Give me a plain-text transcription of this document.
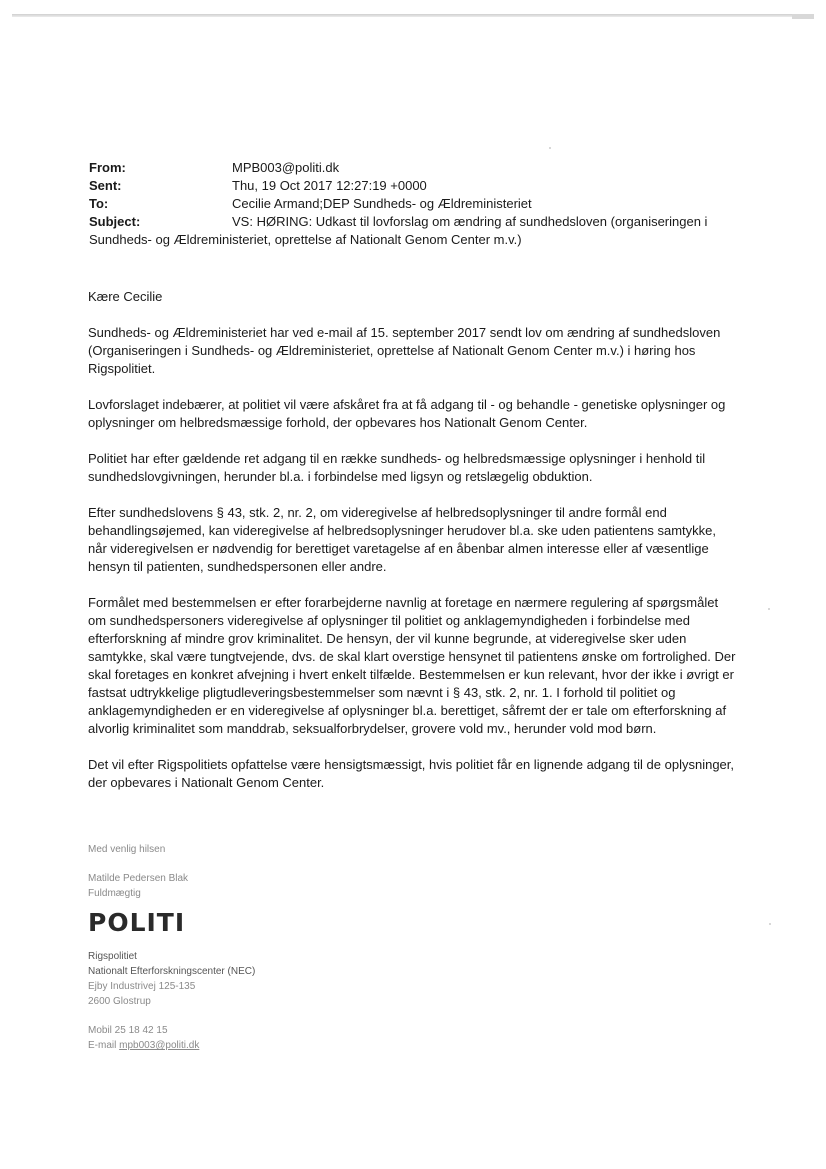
From:	MPB003@politi.dk
Sent:	Thu, 19 Oct 2017 12:27:19 +0000
To:	Cecilie Armand;DEP Sundheds- og Ældreministeriet
Subject:	VS: HØRING: Udkast til lovforslag om ændring af sundhedsloven (organiseringen i
Sundheds- og Ældreministeriet, oprettelse af Nationalt Genom Center m.v.)

Kære Cecilie

Sundheds- og Ældreministeriet har ved e-mail af 15. september 2017 sendt lov om ændring af sundhedsloven (Organiseringen i Sundheds- og Ældreministeriet, oprettelse af Nationalt Genom Center m.v.) i høring hos Rigspolitiet.

Lovforslaget indebærer, at politiet vil være afskåret fra at få adgang til - og behandle - genetiske oplysninger og oplysninger om helbredsmæssige forhold, der opbevares hos Nationalt Genom Center.

Politiet har efter gældende ret adgang til en række sundheds- og helbredsmæssige oplysninger i henhold til sundhedslovgivningen, herunder bl.a. i forbindelse med ligsyn og retslægelig obduktion.

Efter sundhedslovens § 43, stk. 2, nr. 2, om videregivelse af helbredsoplysninger til andre formål end behandlingsøjemed, kan videregivelse af helbredsoplysninger herudover bl.a. ske uden patientens samtykke, når videregivelsen er nødvendig for berettiget varetagelse af en åbenbar almen interesse eller af væsentlige hensyn til patienten, sundhedspersonen eller andre.

Formålet med bestemmelsen er efter forarbejderne navnlig at foretage en nærmere regulering af spørgsmålet om sundhedspersoners videregivelse af oplysninger til politiet og anklagemyndigheden i forbindelse med efterforskning af mindre grov kriminalitet. De hensyn, der vil kunne begrunde, at videregivelse sker uden samtykke, skal være tungtvejende, dvs. de skal klart overstige hensynet til patientens ønske om fortrolighed. Der skal foretages en konkret afvejning i hvert enkelt tilfælde. Bestemmelsen er kun relevant, hvor der ikke i øvrigt er fastsat udtrykkelige pligtudleveringsbestemmelser som nævnt i § 43, stk. 2, nr. 1. I forhold til politiet og anklagemyndigheden er en videregivelse af oplysninger bl.a. berettiget, såfremt der er tale om efterforskning af alvorlig kriminalitet som manddrab, seksualforbrydelser, grovere vold mv., herunder vold mod børn.

Det vil efter Rigspolitiets opfattelse være hensigtsmæssigt, hvis politiet får en lignende adgang til de oplysninger, der opbevares i Nationalt Genom Center.

Med venlig hilsen
Matilde Pedersen Blak
Fuldmægtig
POLITI
Rigspolitiet
Nationalt Efterforskningscenter (NEC)
Ejby Industrivej 125-135
2600 Glostrup
Mobil 25 18 42 15
E-mail mpb003@politi.dk
